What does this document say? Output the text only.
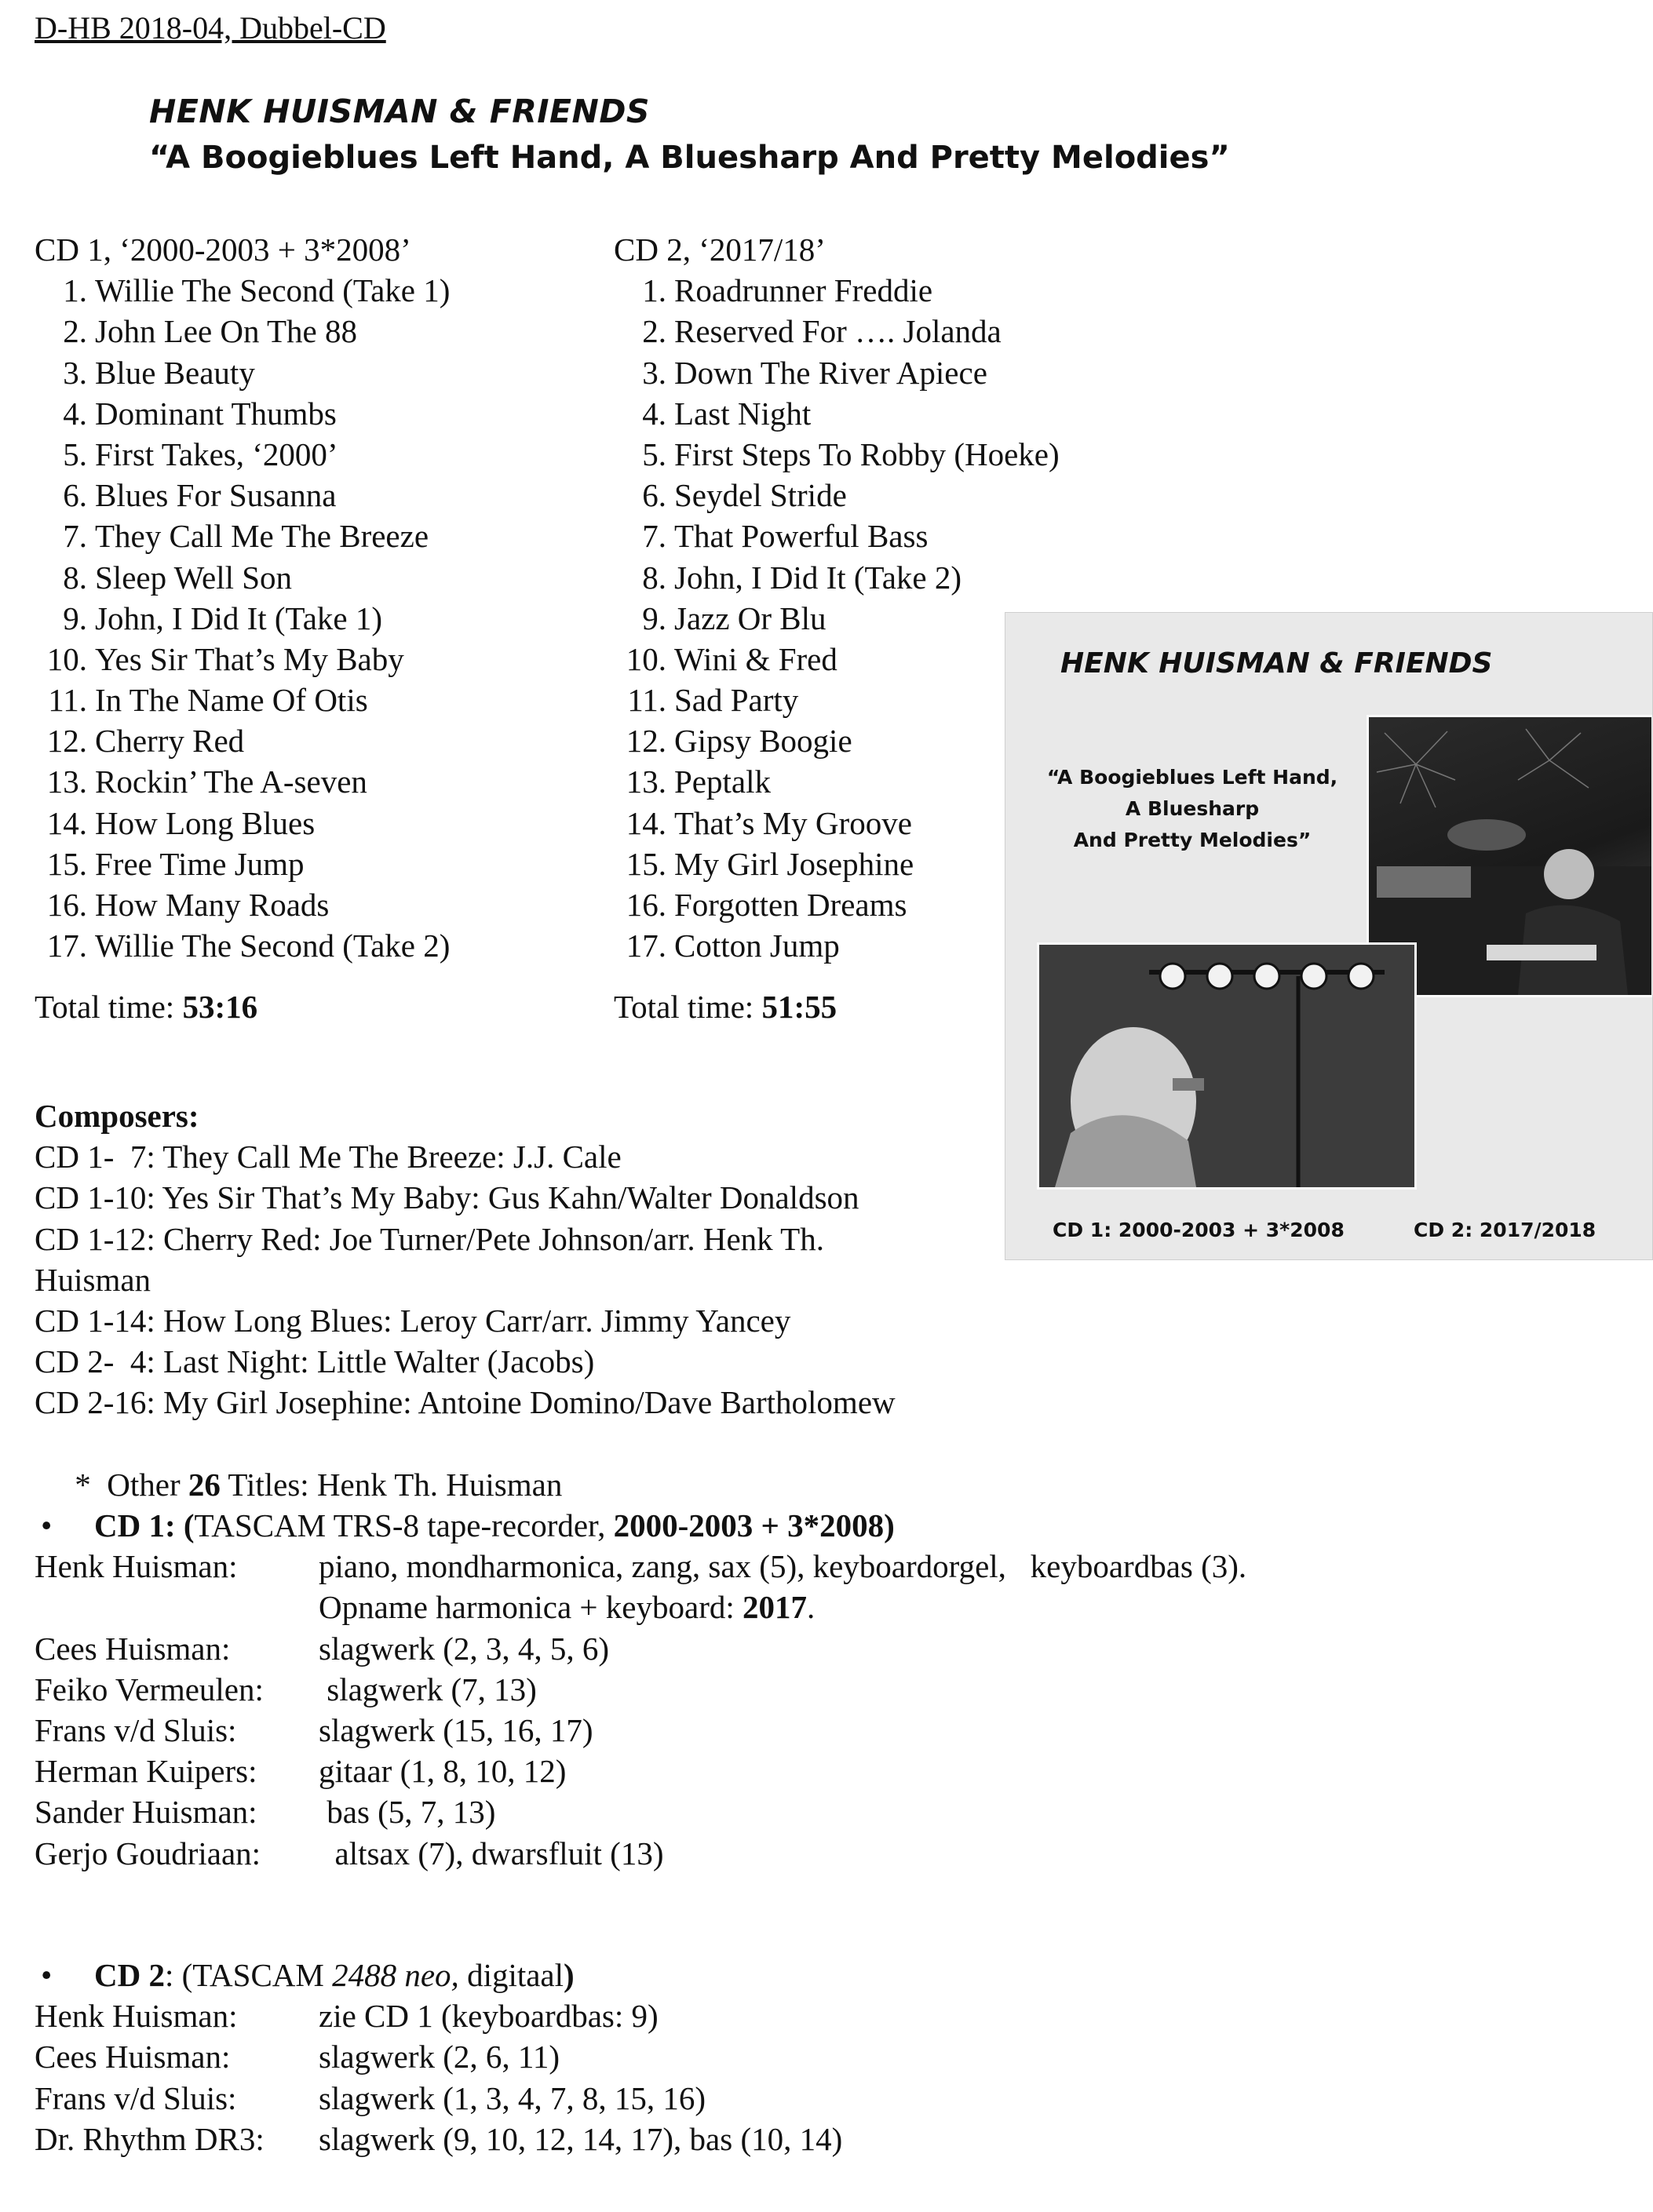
D-HB 2018-04, Dubbel-CD
HENK HUISMAN & FRIENDS
“A Boogieblues Left Hand, A Bluesharp And Pretty Melodies”
CD 1, ‘2000-2003 + 3*2008’
1. Willie The Second (Take 1)
2. John Lee On The 88
3. Blue Beauty
4. Dominant Thumbs
5. First Takes, ‘2000’
6. Blues For Susanna
7. They Call Me The Breeze
8. Sleep Well Son
9. John, I Did It (Take 1)
10. Yes Sir That’s My Baby
11. In The Name Of Otis
12. Cherry Red
13. Rockin’ The A-seven
14. How Long Blues
15. Free Time Jump
16. How Many Roads
17. Willie The Second (Take 2)
Total time: 53:16
CD 2, ‘2017/18’
1. Roadrunner Freddie
2. Reserved For …. Jolanda
3. Down The River Apiece
4. Last Night
5. First Steps To Robby (Hoeke)
6. Seydel Stride
7. That Powerful Bass
8. John, I Did It (Take 2)
9. Jazz Or Blu
10. Wini & Fred
11. Sad Party
12. Gipsy Boogie
13. Peptalk
14. That’s My Groove
15. My Girl Josephine
16. Forgotten Dreams
17. Cotton Jump
Total time: 51:55
HENK HUISMAN & FRIENDS
“A Boogieblues Left Hand,
A Bluesharp
And Pretty Melodies”
CD 1: 2000-2003 + 3*2008	CD 2: 2017/2018
Composers:
CD 1-  7: They Call Me The Breeze: J.J. Cale
CD 1-10: Yes Sir That’s My Baby: Gus Kahn/Walter Donaldson
CD 1-12: Cherry Red: Joe Turner/Pete Johnson/arr. Henk Th.
Huisman
CD 1-14: How Long Blues: Leroy Carr/arr. Jimmy Yancey
CD 2-  4: Last Night: Little Walter (Jacobs)
CD 2-16: My Girl Josephine: Antoine Domino/Dave Bartholomew

*  Other 26 Titles: Henk Th. Huisman

•	CD 1: (TASCAM TRS-8 tape-recorder, 2000-2003 + 3*2008)
Henk Huisman:	piano, mondharmonica, zang, sax (5), keyboardorgel,   keyboardbas (3).
Opname harmonica + keyboard: 2017.
Cees Huisman:	slagwerk (2, 3, 4, 5, 6)
Feiko Vermeulen:	slagwerk (7, 13)
Frans v/d Sluis:	slagwerk (15, 16, 17)
Herman Kuipers:	gitaar (1, 8, 10, 12)
Sander Huisman:	bas (5, 7, 13)
Gerjo Goudriaan:	altsax (7), dwarsfluit (13)
•	CD 2: (TASCAM 2488 neo, digitaal)
Henk Huisman:	zie CD 1 (keyboardbas: 9)
Cees Huisman:	slagwerk (2, 6, 11)
Frans v/d Sluis:	slagwerk (1, 3, 4, 7, 8, 15, 16)
Dr. Rhythm DR3:	slagwerk (9, 10, 12, 14, 17), bas (10, 14)
